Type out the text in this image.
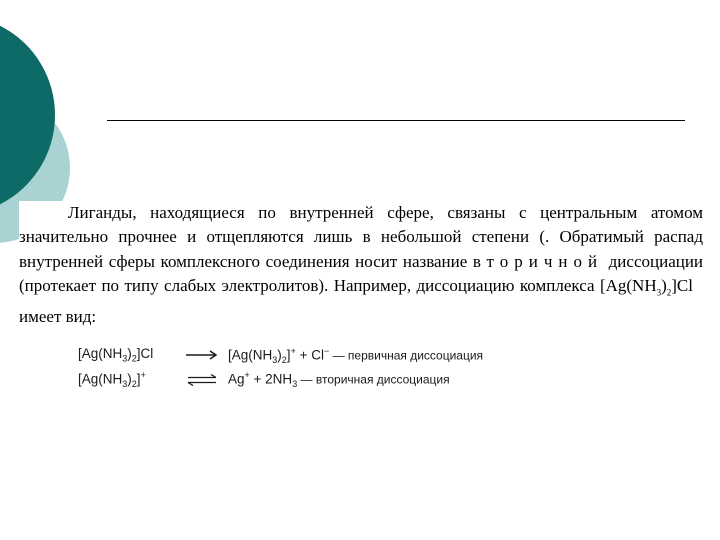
Лиганды, находящиеся по внутренней сфере, связаны с центральным атомом значительно прочнее и отщепляются лишь в небольшой степени (. Обратимый распад внутренней сферы комплексного соединения носит название вторичной диссоциации (протекает по типу слабых электролитов). Например, диссоциацию комплекса $[Ag(NH_3)_2]Cl$ имеет вид:

$[Ag(NH_3)_2]Cl$	$[Ag(NH_3)_2]^+ + Cl^-$ — первичная диссоциация
$[Ag(NH_3)_2]^+$	⇌ $Ag^+ + 2NH_3$ — вторичная диссоциация
